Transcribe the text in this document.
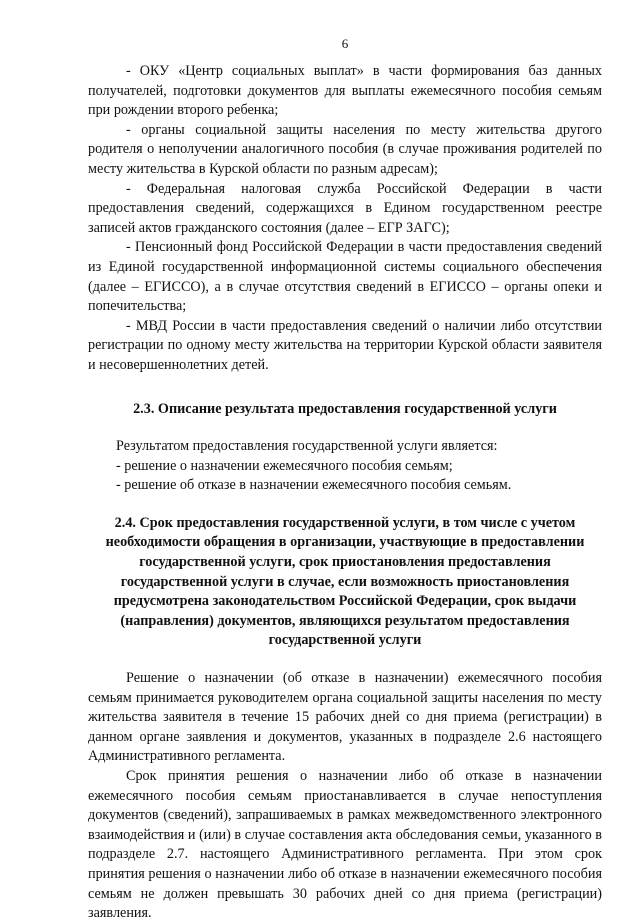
6

- ОКУ «Центр социальных выплат» в части формирования баз данных получателей, подготовки документов для выплаты ежемесячного пособия семьям при рождении второго ребенка;

- органы социальной защиты населения по месту жительства другого родителя о неполучении аналогичного пособия (в случае проживания родителей по месту жительства в Курской области по разным адресам);

- Федеральная налоговая служба Российской Федерации в части предоставления сведений, содержащихся в Едином государственном реестре записей актов гражданского состояния (далее – ЕГР ЗАГС);

- Пенсионный фонд Российской Федерации в части предоставления сведений из Единой государственной информационной системы социального обеспечения (далее – ЕГИССО), а в случае отсутствия сведений в ЕГИССО – органы опеки и попечительства;

- МВД России в части предоставления сведений о наличии либо отсутствии регистрации по одному месту жительства на территории Курской области заявителя и несовершеннолетних детей.

2.3. Описание результата предоставления государственной услуги

Результатом предоставления государственной услуги является:

- решение о назначении ежемесячного пособия семьям;

- решение об отказе в назначении ежемесячного пособия семьям.

2.4. Срок предоставления государственной услуги, в том числе с учетом необходимости обращения в организации, участвующие в предоставлении государственной услуги, срок приостановления предоставления государственной услуги в случае, если возможность приостановления предусмотрена законодательством Российской Федерации, срок выдачи (направления) документов, являющихся результатом предоставления государственной услуги

Решение о назначении (об отказе в назначении) ежемесячного пособия семьям принимается руководителем органа социальной защиты населения по месту жительства заявителя в течение 15 рабочих дней со дня приема (регистрации) в данном органе заявления и документов, указанных в подразделе 2.6 настоящего Административного регламента.

Срок принятия решения о назначении либо об отказе в назначении ежемесячного пособия семьям приостанавливается в случае непоступления документов (сведений), запрашиваемых в рамках межведомственного электронного взаимодействия и (или) в случае составления акта обследования семьи, указанного в подразделе 2.7. настоящего Административного регламента. При этом срок принятия решения о назначении либо об отказе в назначении ежемесячного пособия семьям не должен превышать 30 рабочих дней со дня приема (регистрации) заявления.
